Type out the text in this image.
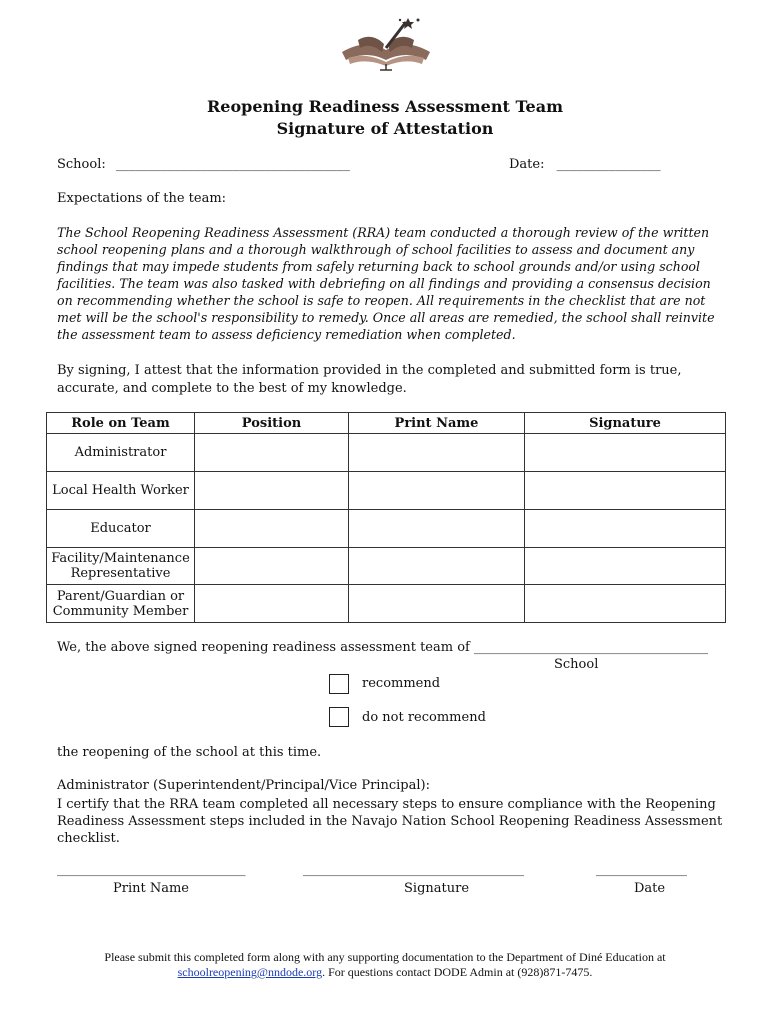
Reopening Readiness Assessment Team
Signature of Attestation
School: ____________________________________	Date: ________________
Expectations of the team:
The School Reopening Readiness Assessment (RRA) team conducted a thorough review of the written school reopening plans and a thorough walkthrough of school facilities to assess and document any findings that may impede students from safely returning back to school grounds and/or using school facilities. The team was also tasked with debriefing on all findings and providing a consensus decision on recommending whether the school is safe to reopen. All requirements in the checklist that are not met will be the school's responsibility to remedy. Once all areas are remedied, the school shall reinvite the assessment team to assess deficiency remediation when completed.
By signing, I attest that the information provided in the completed and submitted form is true, accurate, and complete to the best of my knowledge.
Role on Team	Position	Print Name	Signature
Administrator			
Local Health Worker			
Educator			
Facility/Maintenance Representative			
Parent/Guardian or Community Member			
We, the above signed reopening readiness assessment team of ____________________________________
School
recommend
do not recommend
the reopening of the school at this time.
Administrator (Superintendent/Principal/Vice Principal):
I certify that the RRA team completed all necessary steps to ensure compliance with the Reopening Readiness Assessment steps included in the Navajo Nation School Reopening Readiness Assessment checklist.
_____________________________
Print Name
__________________________________
Signature
______________
Date
Please submit this completed form along with any supporting documentation to the Department of Diné Education at
schoolreopening@nndode.org. For questions contact DODE Admin at (928)871-7475.
